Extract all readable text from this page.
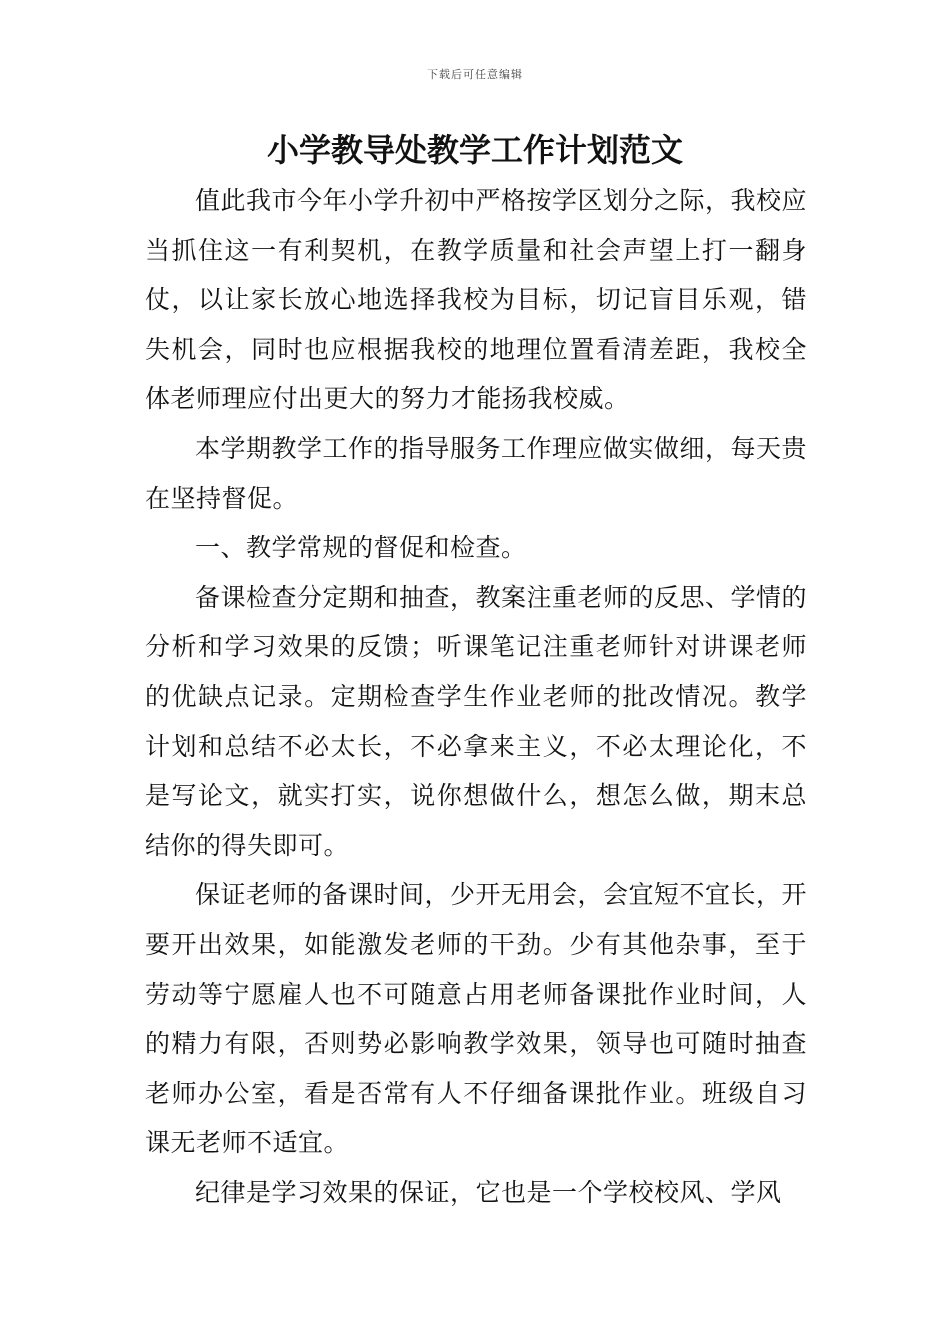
下载后可任意编辑
小学教导处教学工作计划范文

值此我市今年小学升初中严格按学区划分之际，我校应当抓住这一有利契机，在教学质量和社会声望上打一翻身仗，以让家长放心地选择我校为目标，切记盲目乐观，错失机会，同时也应根据我校的地理位置看清差距，我校全体老师理应付出更大的努力才能扬我校威。

本学期教学工作的指导服务工作理应做实做细，每天贵在坚持督促。

一、教学常规的督促和检查。

备课检查分定期和抽查，教案注重老师的反思、学情的分析和学习效果的反馈；听课笔记注重老师针对讲课老师的优缺点记录。定期检查学生作业老师的批改情况。教学计划和总结不必太长，不必拿来主义，不必太理论化，不是写论文，就实打实，说你想做什么，想怎么做，期末总结你的得失即可。

保证老师的备课时间，少开无用会，会宜短不宜长，开要开出效果，如能激发老师的干劲。少有其他杂事，至于劳动等宁愿雇人也不可随意占用老师备课批作业时间，人的精力有限，否则势必影响教学效果，领导也可随时抽查老师办公室，看是否常有人不仔细备课批作业。班级自习课无老师不适宜。

纪律是学习效果的保证，它也是一个学校校风、学风
